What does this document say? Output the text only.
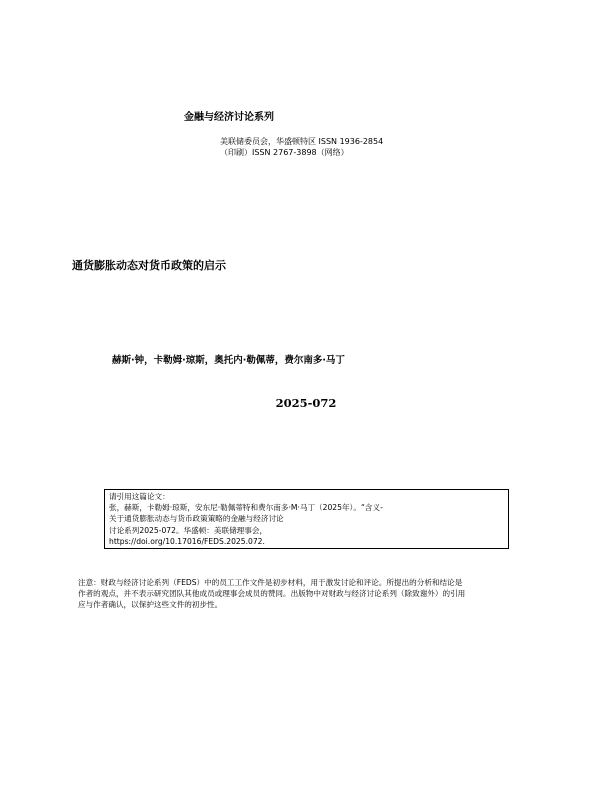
金融与经济讨论系列
美联储委员会，华盛顿特区 ISSN 1936-2854
（印刷）ISSN 2767-3898（网络）
通货膨胀动态对货币政策的启示
赫斯·钟，卡勒姆·琼斯，奥托内·勒佩蒂，费尔南多·马丁
2025-072
请引用这篇论文：
张，赫斯，卡勒姆·琼斯，安东尼·勒佩蒂特和费尔南多·M·马丁（2025年）。“含义-
关于通货膨胀动态与货币政策策略的金融与经济讨论
讨论系列2025-072。华盛顿：美联储理事会，
https://doi.org/10.17016/FEDS.2025.072.
注意：财政与经济讨论系列（FEDS）中的员工工作文件是初步材料，用于激发讨论和评论。所提出的分析和结论是
作者的观点，并不表示研究团队其他成员或理事会成员的赞同。出版物中对财政与经济讨论系列（除致谢外）的引用
应与作者确认，以保护这些文件的初步性。
